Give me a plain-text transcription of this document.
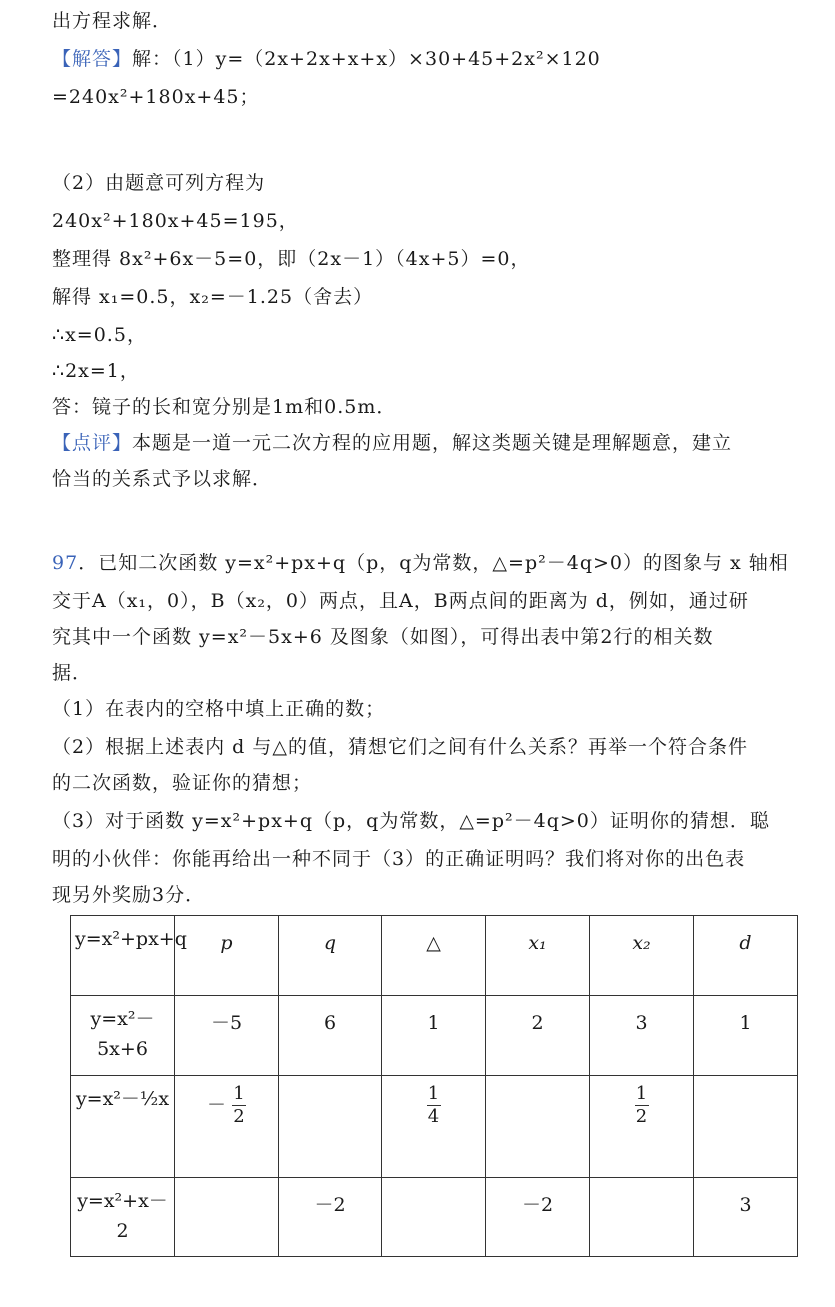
出方程求解．
【解答】解：（1）y=（2x+2x+x+x）×30+45+2x²×120
=240x²+180x+45；
（2）由题意可列方程为
240x²+180x+45=195，
整理得 8x²+6x－5=0，即（2x－1）（4x+5）=0，
解得 x₁=0.5，x₂=－1.25（舍去）
∴x=0.5，
∴2x=1，
答：镜子的长和宽分别是1m和0.5m．
【点评】本题是一道一元二次方程的应用题，解这类题关键是理解题意，建立
恰当的关系式予以求解．
97．已知二次函数 y=x²+px+q（p，q为常数，△=p²－4q>0）的图象与 x 轴相
交于A（x₁，0），B（x₂，0）两点，且A，B两点间的距离为 d，例如，通过研
究其中一个函数 y=x²－5x+6 及图象（如图），可得出表中第2行的相关数
据．
（1）在表内的空格中填上正确的数；
（2）根据上述表内 d 与△的值，猜想它们之间有什么关系？再举一个符合条件
的二次函数，验证你的猜想；
（3）对于函数 y=x²+px+q（p，q为常数，△=p²－4q>0）证明你的猜想．聪
明的小伙伴：你能再给出一种不同于（3）的正确证明吗？我们将对你的出色表
现另外奖励3分．
y=x²+px+q	p	q	△	x₁	x₂	d
y=x²－5x+6	－5	6	1	2	3	1
y=x²－½x	－ $\frac{1}{2}$		$\frac{1}{4}$		$\frac{1}{2}$

y=x²+x－2		－2		－2		3
